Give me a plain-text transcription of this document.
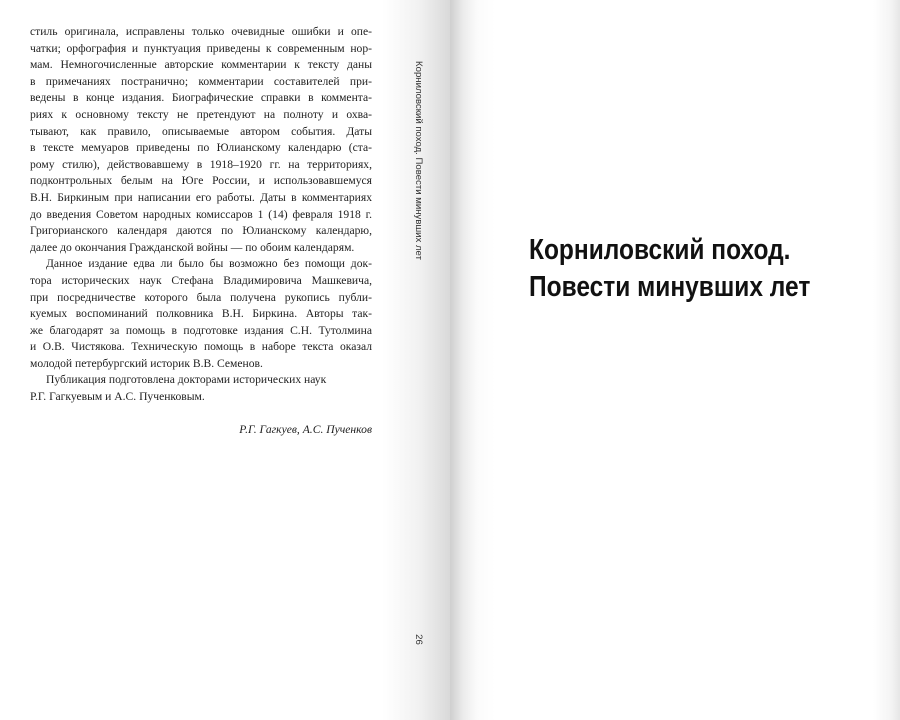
стиль оригинала, исправлены только очевидные ошибки и опе-
чатки; орфография и пунктуация приведены к современным нор-
мам. Немногочисленные авторские комментарии к тексту даны
в примечаниях постранично; комментарии составителей при-
ведены в конце издания. Биографические справки в коммента-
риях к основному тексту не претендуют на полноту и охва-
тывают, как правило, описываемые автором события. Даты
в тексте мемуаров приведены по Юлианскому календарю (ста-
рому стилю), действовавшему в 1918–1920 гг. на территориях,
подконтрольных белым на Юге России, и использовавшемуся
В.Н. Биркиным при написании его работы. Даты в комментариях
до введения Советом народных комиссаров 1 (14) февраля 1918 г.
Григорианского календаря даются по Юлианскому календарю,
далее до окончания Гражданской войны — по обоим календарям.
Данное издание едва ли было бы возможно без помощи док-
тора исторических наук Стефана Владимировича Машкевича,
при посредничестве которого была получена рукопись публи-
куемых воспоминаний полковника В.Н. Биркина. Авторы так-
же благодарят за помощь в подготовке издания С.Н. Тутолмина
и О.В. Чистякова. Техническую помощь в наборе текста оказал
молодой петербургский историк В.В. Семенов.
Публикация подготовлена докторами исторических наук
Р.Г. Гагкуевым и А.С. Пученковым.
Р.Г. Гагкуев, А.С. Пученков
Корниловский поход. Повести минувших лет
26
Корниловский поход.
Повести минувших лет
